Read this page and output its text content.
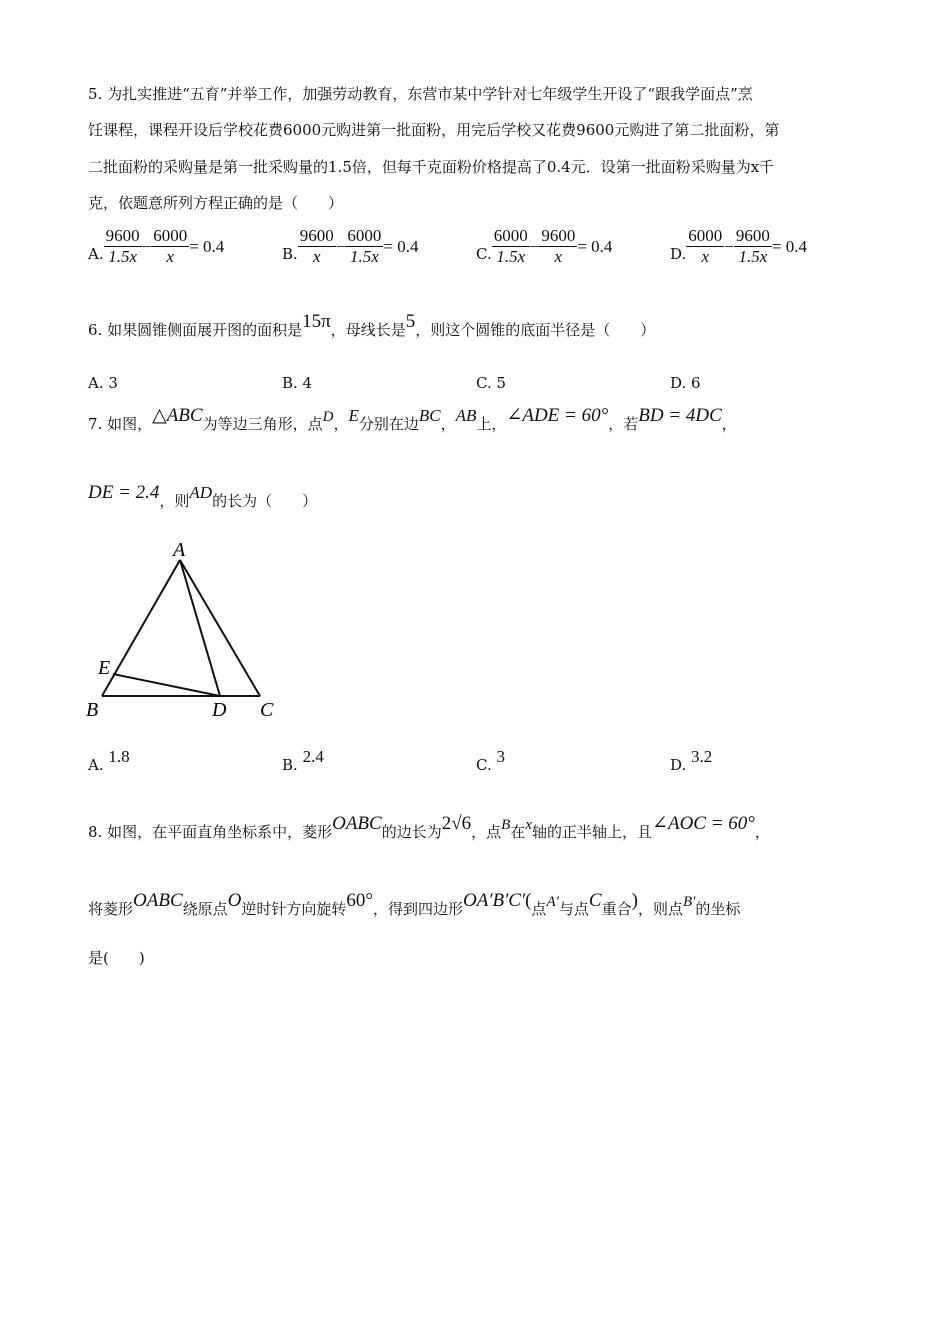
5. 为扎实推进“五育”并举工作，加强劳动教育，东营市某中学针对七年级学生开设了“跟我学面点”烹
饪课程，课程开设后学校花费6000元购进第一批面粉，用完后学校又花费9600元购进了第二批面粉，第
二批面粉的采购量是第一批采购量的1.5倍，但每千克面粉价格提高了0.4元．设第一批面粉采购量为x千
克，依题意所列方程正确的是（　　）
A. $\frac{9600}{1.5x} - \frac{6000}{x} = 0.4$	B. $\frac{9600}{x} - \frac{6000}{1.5x} = 0.4$	C. $\frac{6000}{1.5x} - \frac{9600}{x} = 0.4$	D. $\frac{6000}{x} - \frac{9600}{1.5x} = 0.4$
6. 如果圆锥侧面展开图的面积是15π，母线长是5，则这个圆锥的底面半径是（　　）
A. 3	B. 4	C. 5	D. 6
7. 如图，△ABC为等边三角形，点D，E分别在边BC，AB上，∠ADE = 60°，若BD = 4DC，
DE = 2.4，则AD的长为（　　）
A
E
B	D C
A. 1.8	B. 2.4	C. 3	D. 3.2
8. 如图，在平面直角坐标系中，菱形OABC的边长为2√6，点B在x轴的正半轴上，且∠AOC = 60°，
将菱形OABC绕原点O逆时针方向旋转60°，得到四边形OA′B′C′(点A′与点C重合)，则点B′的坐标
是(　　)
